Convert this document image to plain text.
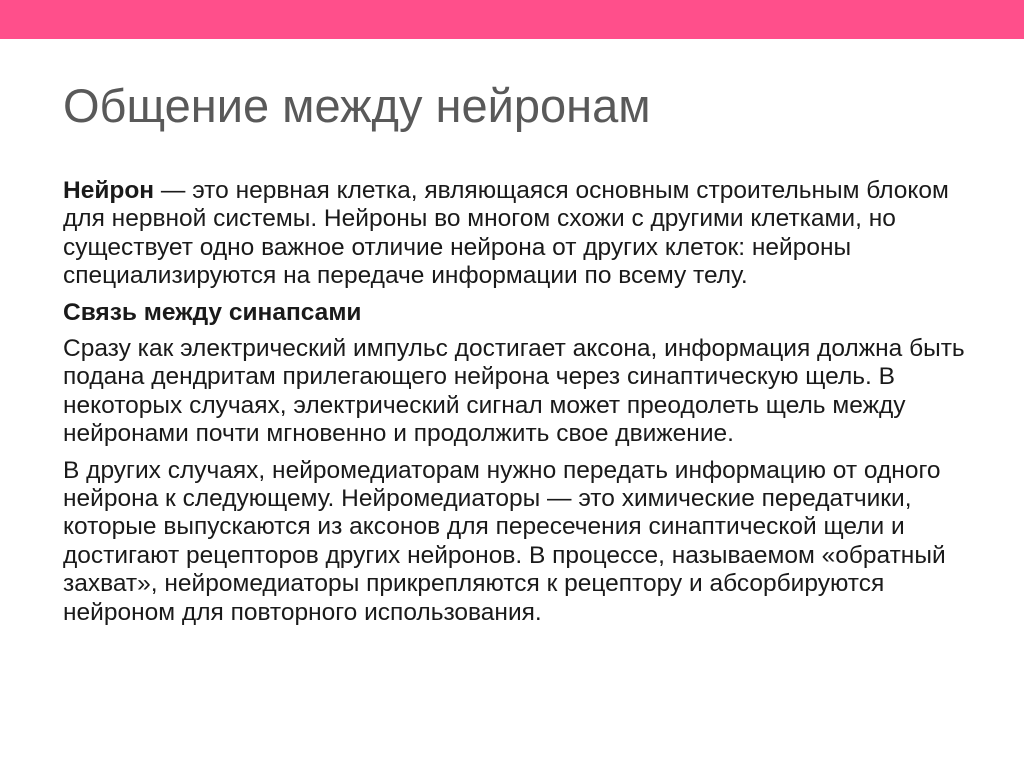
Общение между нейронам

Нейрон — это нервная клетка, являющаяся основным строительным блоком для нервной системы. Нейроны во многом схожи с другими клетками, но существует одно важное отличие нейрона от других клеток: нейроны специализируются на передаче информации по всему телу.

Связь между синапсами

Сразу как электрический импульс достигает аксона, информация должна быть подана дендритам прилегающего нейрона через синаптическую щель. В некоторых случаях, электрический сигнал может преодолеть щель между нейронами почти мгновенно и продолжить свое движение.

В других случаях, нейромедиаторам нужно передать информацию от одного нейрона к следующему. Нейромедиаторы — это химические передатчики, которые выпускаются из аксонов для пересечения синаптической щели и достигают рецепторов других нейронов. В процессе, называемом «обратный захват», нейромедиаторы прикрепляются к рецептору и абсорбируются нейроном для повторного использования.
